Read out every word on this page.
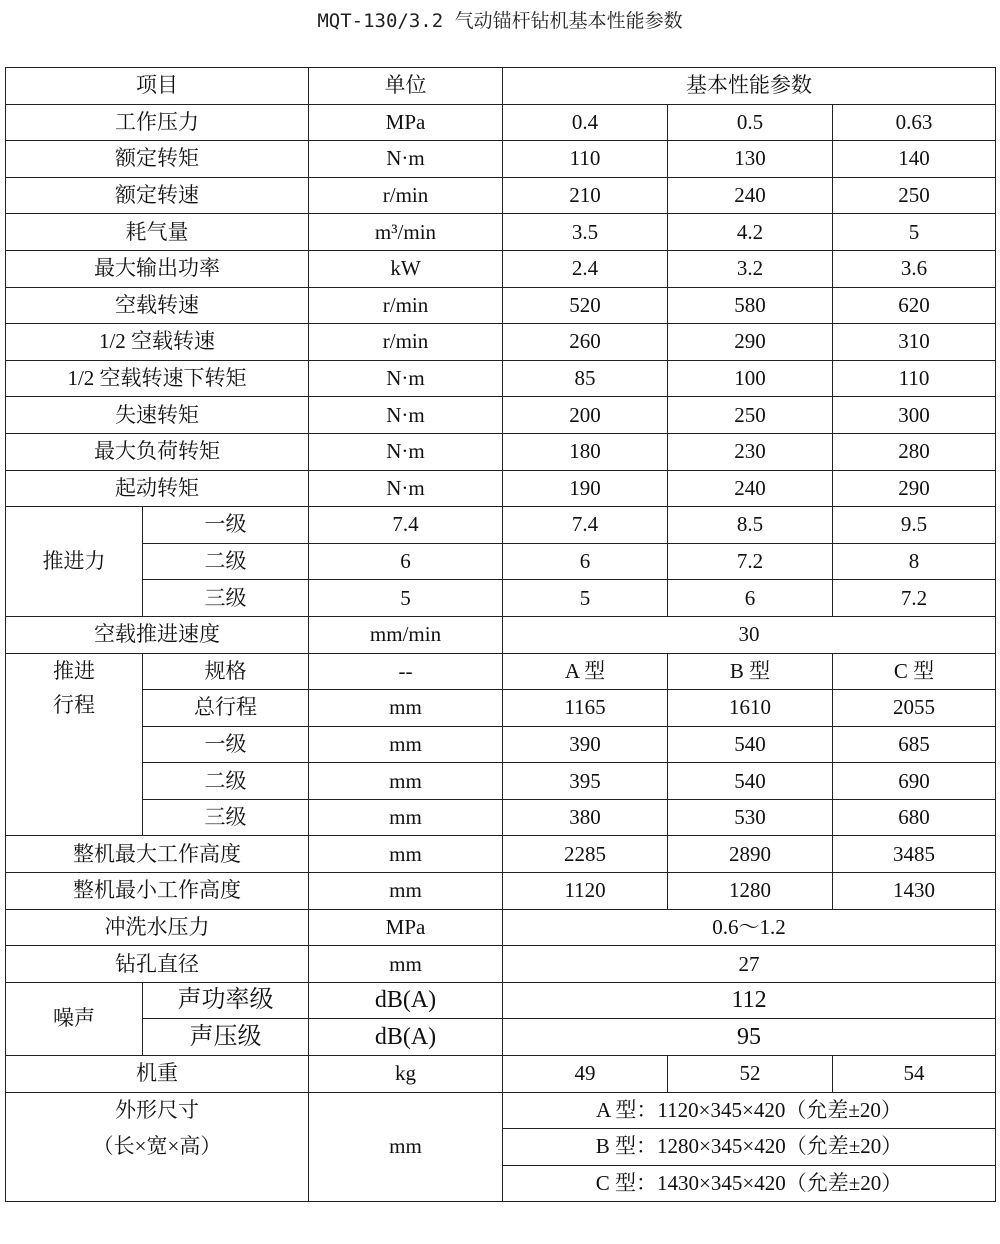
MQT-130/3.2 气动锚杆钻机基本性能参数
项目		单位	基本性能参数		
工作压力		MPa	0.4	0.5	0.63
额定转矩		N·m	110	130	140
额定转速		r/min	210	240	250
耗气量		m³/min	3.5	4.2	5
最大输出功率		kW	2.4	3.2	3.6
空载转速		r/min	520	580	620
1/2 空载转速		r/min	260	290	310
1/2 空载转速下转矩		N·m	85	100	110
失速转矩		N·m	200	250	300
最大负荷转矩		N·m	180	230	280
起动转矩		N·m	190	240	290
推进力	一级	7.4	7.4	8.5	9.5
	二级	6	6	7.2	8
	三级	5	5	6	7.2
空载推进速度		mm/min	30		
推进	规格	--	A 型	B 型	C 型
行程	总行程	mm	1165	1610	2055
	一级	mm	390	540	685
	二级	mm	395	540	690
	三级	mm	380	530	680
整机最大工作高度		mm	2285	2890	3485
整机最小工作高度		mm	1120	1280	1430
冲洗水压力		MPa	0.6～1.2		
钻孔直径		mm	27		
噪声	声功率级	dB(A)	112		
	声压级	dB(A)	95		
机重		kg	49	52	54
外形尺寸		mm	A 型：1120×345×420（允差±20）		
（长×宽×高）			B 型：1280×345×420（允差±20）		
			C 型：1430×345×420（允差±20）		
